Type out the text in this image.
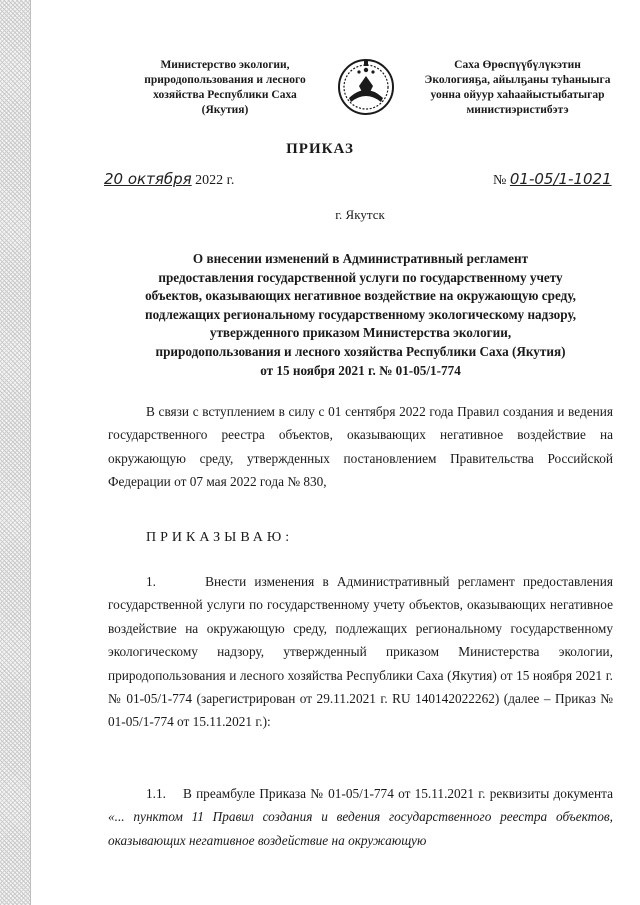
Министерство экологии,
природопользования и лесного
хозяйства Республики Саха
(Якутия)
Саха Өрөспүүбүлүкэтин
Экологияҕа, айылҕаны туһаныыга
уонна ойуур хаһаайыстыбатыгар
министиэристибэтэ
ПРИКАЗ
20 октября 2022 г.	№ 01-05/1-1021
г. Якутск
О внесении изменений в Административный регламент
предоставления государственной услуги по государственному учету
объектов, оказывающих негативное воздействие на окружающую среду,
подлежащих региональному государственному экологическому надзору,
утвержденного приказом Министерства экологии,
природопользования и лесного хозяйства Республики Саха (Якутия)
от 15 ноября 2021 г. № 01-05/1-774
В связи с вступлением в силу с 01 сентября 2022 года Правил создания и ведения государственного реестра объектов, оказывающих негативное воздействие на окружающую среду, утвержденных постановлением Правительства Российской Федерации от 07 мая 2022 года № 830,
ПРИКАЗЫВАЮ:
1.	Внести изменения в Административный регламент предоставления государственной услуги по государственному учету объектов, оказывающих негативное воздействие на окружающую среду, подлежащих региональному государственному экологическому надзору, утвержденный приказом Министерства экологии, природопользования и лесного хозяйства Республики Саха (Якутия) от 15 ноября 2021 г. № 01-05/1-774 (зарегистрирован от 29.11.2021 г. RU 140142022262) (далее – Приказ № 01-05/1-774 от 15.11.2021 г.):
1.1. В преамбуле Приказа № 01-05/1-774 от 15.11.2021 г. реквизиты документа «... пунктом 11 Правил создания и ведения государственного реестра объектов, оказывающих негативное воздействие на окружающую
